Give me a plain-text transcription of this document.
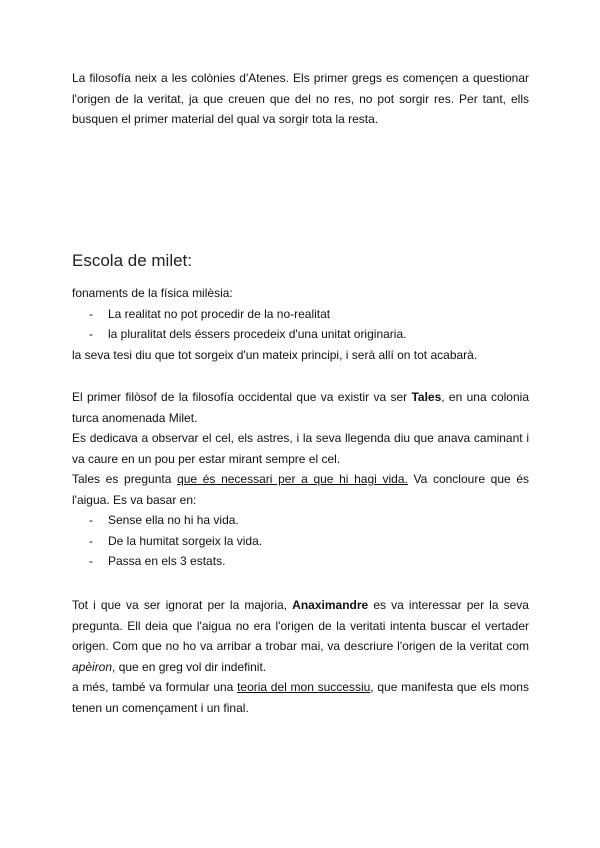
La filosofía neix a les colònies d'Atenes. Els primer gregs es començen a questionar l'origen de la veritat, ja que creuen que del no res, no pot sorgir res. Per tant, ells busquen el primer material del qual va sorgir tota la resta.

Escola de milet:

fonaments de la física milèsia:

- La realitat no pot procedir de la no-realitat
- la pluralitat dels éssers procedeix d'una unitat originaria.

la seva tesi diu que tot sorgeix d'un mateix principi, i serà allí on tot acabarà.

El primer filòsof de la filosofía occidental que va existir va ser Tales, en una colonia turca anomenada Milet.

Es dedicava a observar el cel, els astres, i la seva llegenda diu que anava caminant i va caure en un pou per estar mirant sempre el cel.

Tales es pregunta que és necessari per a que hi hagi vida. Va concloure que és l'aigua. Es va basar en:

- Sense ella no hi ha vida.
- De la humitat sorgeix la vida.
- Passa en els 3 estats.

Tot i que va ser ignorat per la majoria, Anaximandre es va interessar per la seva pregunta. Ell deia que l'aigua no era l'origen de la veritati intenta buscar el vertader origen. Com que no ho va arribar a trobar mai, va descriure l'origen de la veritat com apèiron, que en greg vol dir indefinit.

a més, també va formular una teoria del mon successiu, que manifesta que els mons tenen un començament i un final.
